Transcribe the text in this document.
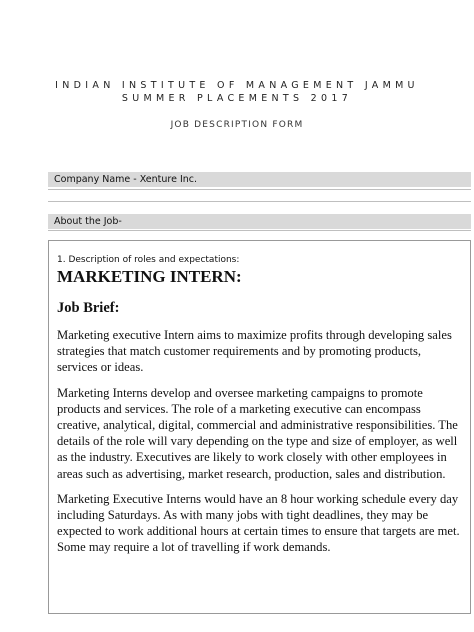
INDIAN INSTITUTE OF MANAGEMENT JAMMU
SUMMER PLACEMENTS 2017
JOB DESCRIPTION FORM
Company Name - Xenture Inc.
About the Job-

1. Description of roles and expectations:

MARKETING INTERN:

Job Brief:

Marketing executive Intern aims to maximize profits through developing sales strategies that match customer requirements and by promoting products, services or ideas.

Marketing Interns develop and oversee marketing campaigns to promote products and services. The role of a marketing executive can encompass creative, analytical, digital, commercial and administrative responsibilities. The details of the role will vary depending on the type and size of employer, as well as the industry. Executives are likely to work closely with other employees in areas such as advertising, market research, production, sales and distribution.

Marketing Executive Interns would have an 8 hour working schedule every day including Saturdays. As with many jobs with tight deadlines, they may be expected to work additional hours at certain times to ensure that targets are met. Some may require a lot of travelling if work demands.
